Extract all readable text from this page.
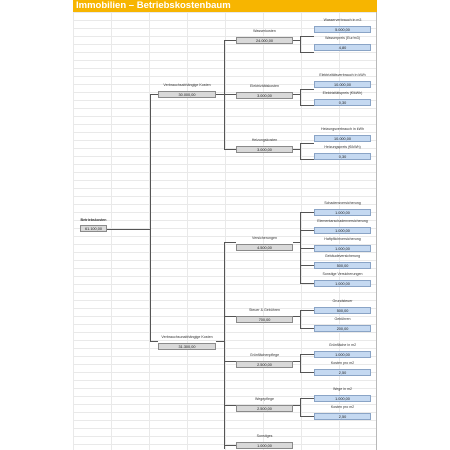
Immobilien – Betriebskostenbaum
Betriebskosten
61.100,00
Verbrauchsabhängige Kosten
30.000,00
Verbrauchsunabhängige Kosten
31.300,00
Wasserkosten
24.000,00
Elektrizitätskosten
3.000,00
Heizungskosten
3.000,00
Versicherungen
4.500,00
Steuer & Gebühren
700,00
Grünflächenpflege
2.500,00
Wegepflege
2.500,00
Sonstiges
1.000,00
Wasserverbrauch in m3
5.000,00
Wasserpreis (Eur/m3)
4,80
Elektrizitätsverbrauch in kWh
10.000,00
Elektrizitätspreis (€/kWh)
0,30
Heizungsverbrauch in kWh
10.000,00
Heizungspreis (€/kWh)
0,30
Schadensversicherung
1.000,00
Elementarschadenversicherung
1.000,00
Haftpflichtversicherung
1.000,00
Gebäudeversicherung
500,00
Sonstige Versicherungen
1.000,00
Grundsteuer
500,00
Gebühren
200,00
Grünfläche in m2
1.000,00
Kosten pro m2
2,50
Wege in m2
1.000,00
Kosten pro m2
2,50
